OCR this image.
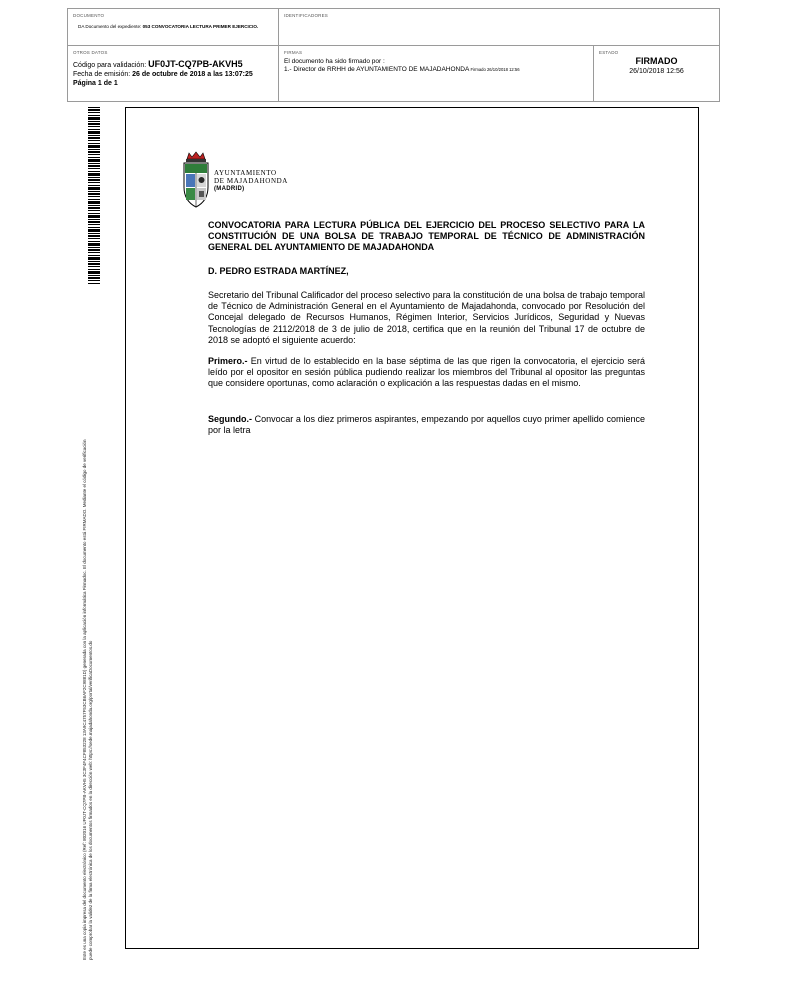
DOCUMENTO
DA Documento del expediente: 053 CONVOCATORIA LECTURA PRIMER EJERCICIO.
IDENTIFICADORES
OTROS DATOS
Código para validación: UF0JT-CQ7PB-AKVH5
Fecha de emisión: 26 de octubre de 2018 a las 13:07:25
Página 1 de 1
FIRMAS
El documento ha sido firmado por :
1.- Director de RRHH de AYUNTAMIENTO DE MAJADAHONDA Firmado 26/10/2018 12:56
ESTADO
FIRMADO
26/10/2018 12:56
Este es una copia impresa del documento electrónico (Ref: 802016 UF0JT-CQ7PB-AKVH5 3C3F4F4CF853228 13A9C4757F53CB6AF2C9881D) generada con la aplicación informática Firmadoc. El documento está FIRMADO. Mediante el código de verificación puede comprobar la validez de la firma electrónica de los documentos firmados en la dirección web: https://sede.majadahonda.org/portal/verificaDocumentos.do
AYUNTAMIENTO
DE MAJADAHONDA
(MADRID)
CONVOCATORIA PARA LECTURA PÚBLICA DEL EJERCICIO DEL PROCESO SELECTIVO PARA LA CONSTITUCIÓN DE UNA BOLSA DE TRABAJO TEMPORAL DE TÉCNICO DE ADMINISTRACIÓN GENERAL DEL AYUNTAMIENTO DE MAJADAHONDA
D. PEDRO ESTRADA MARTÍNEZ,
Secretario del Tribunal Calificador del proceso selectivo para la constitución de una bolsa de trabajo temporal de Técnico de Administración General en el Ayuntamiento de Majadahonda, convocado por Resolución del Concejal delegado de Recursos Humanos, Régimen Interior, Servicios Jurídicos, Seguridad y Nuevas Tecnologías de 2112/2018 de 3 de julio de 2018, certifica que en la reunión del Tribunal 17 de octubre de 2018 se adoptó el siguiente acuerdo:
Primero.- En virtud de lo establecido en la base séptima de las que rigen la convocatoria, el ejercicio será leído por el opositor en sesión pública pudiendo realizar los miembros del Tribunal al opositor las preguntas que considere oportunas, como aclaración o explicación a las respuestas dadas en el mismo.
Segundo.- Convocar a los diez primeros aspirantes, empezando por aquellos cuyo primer apellido comience por la letra
